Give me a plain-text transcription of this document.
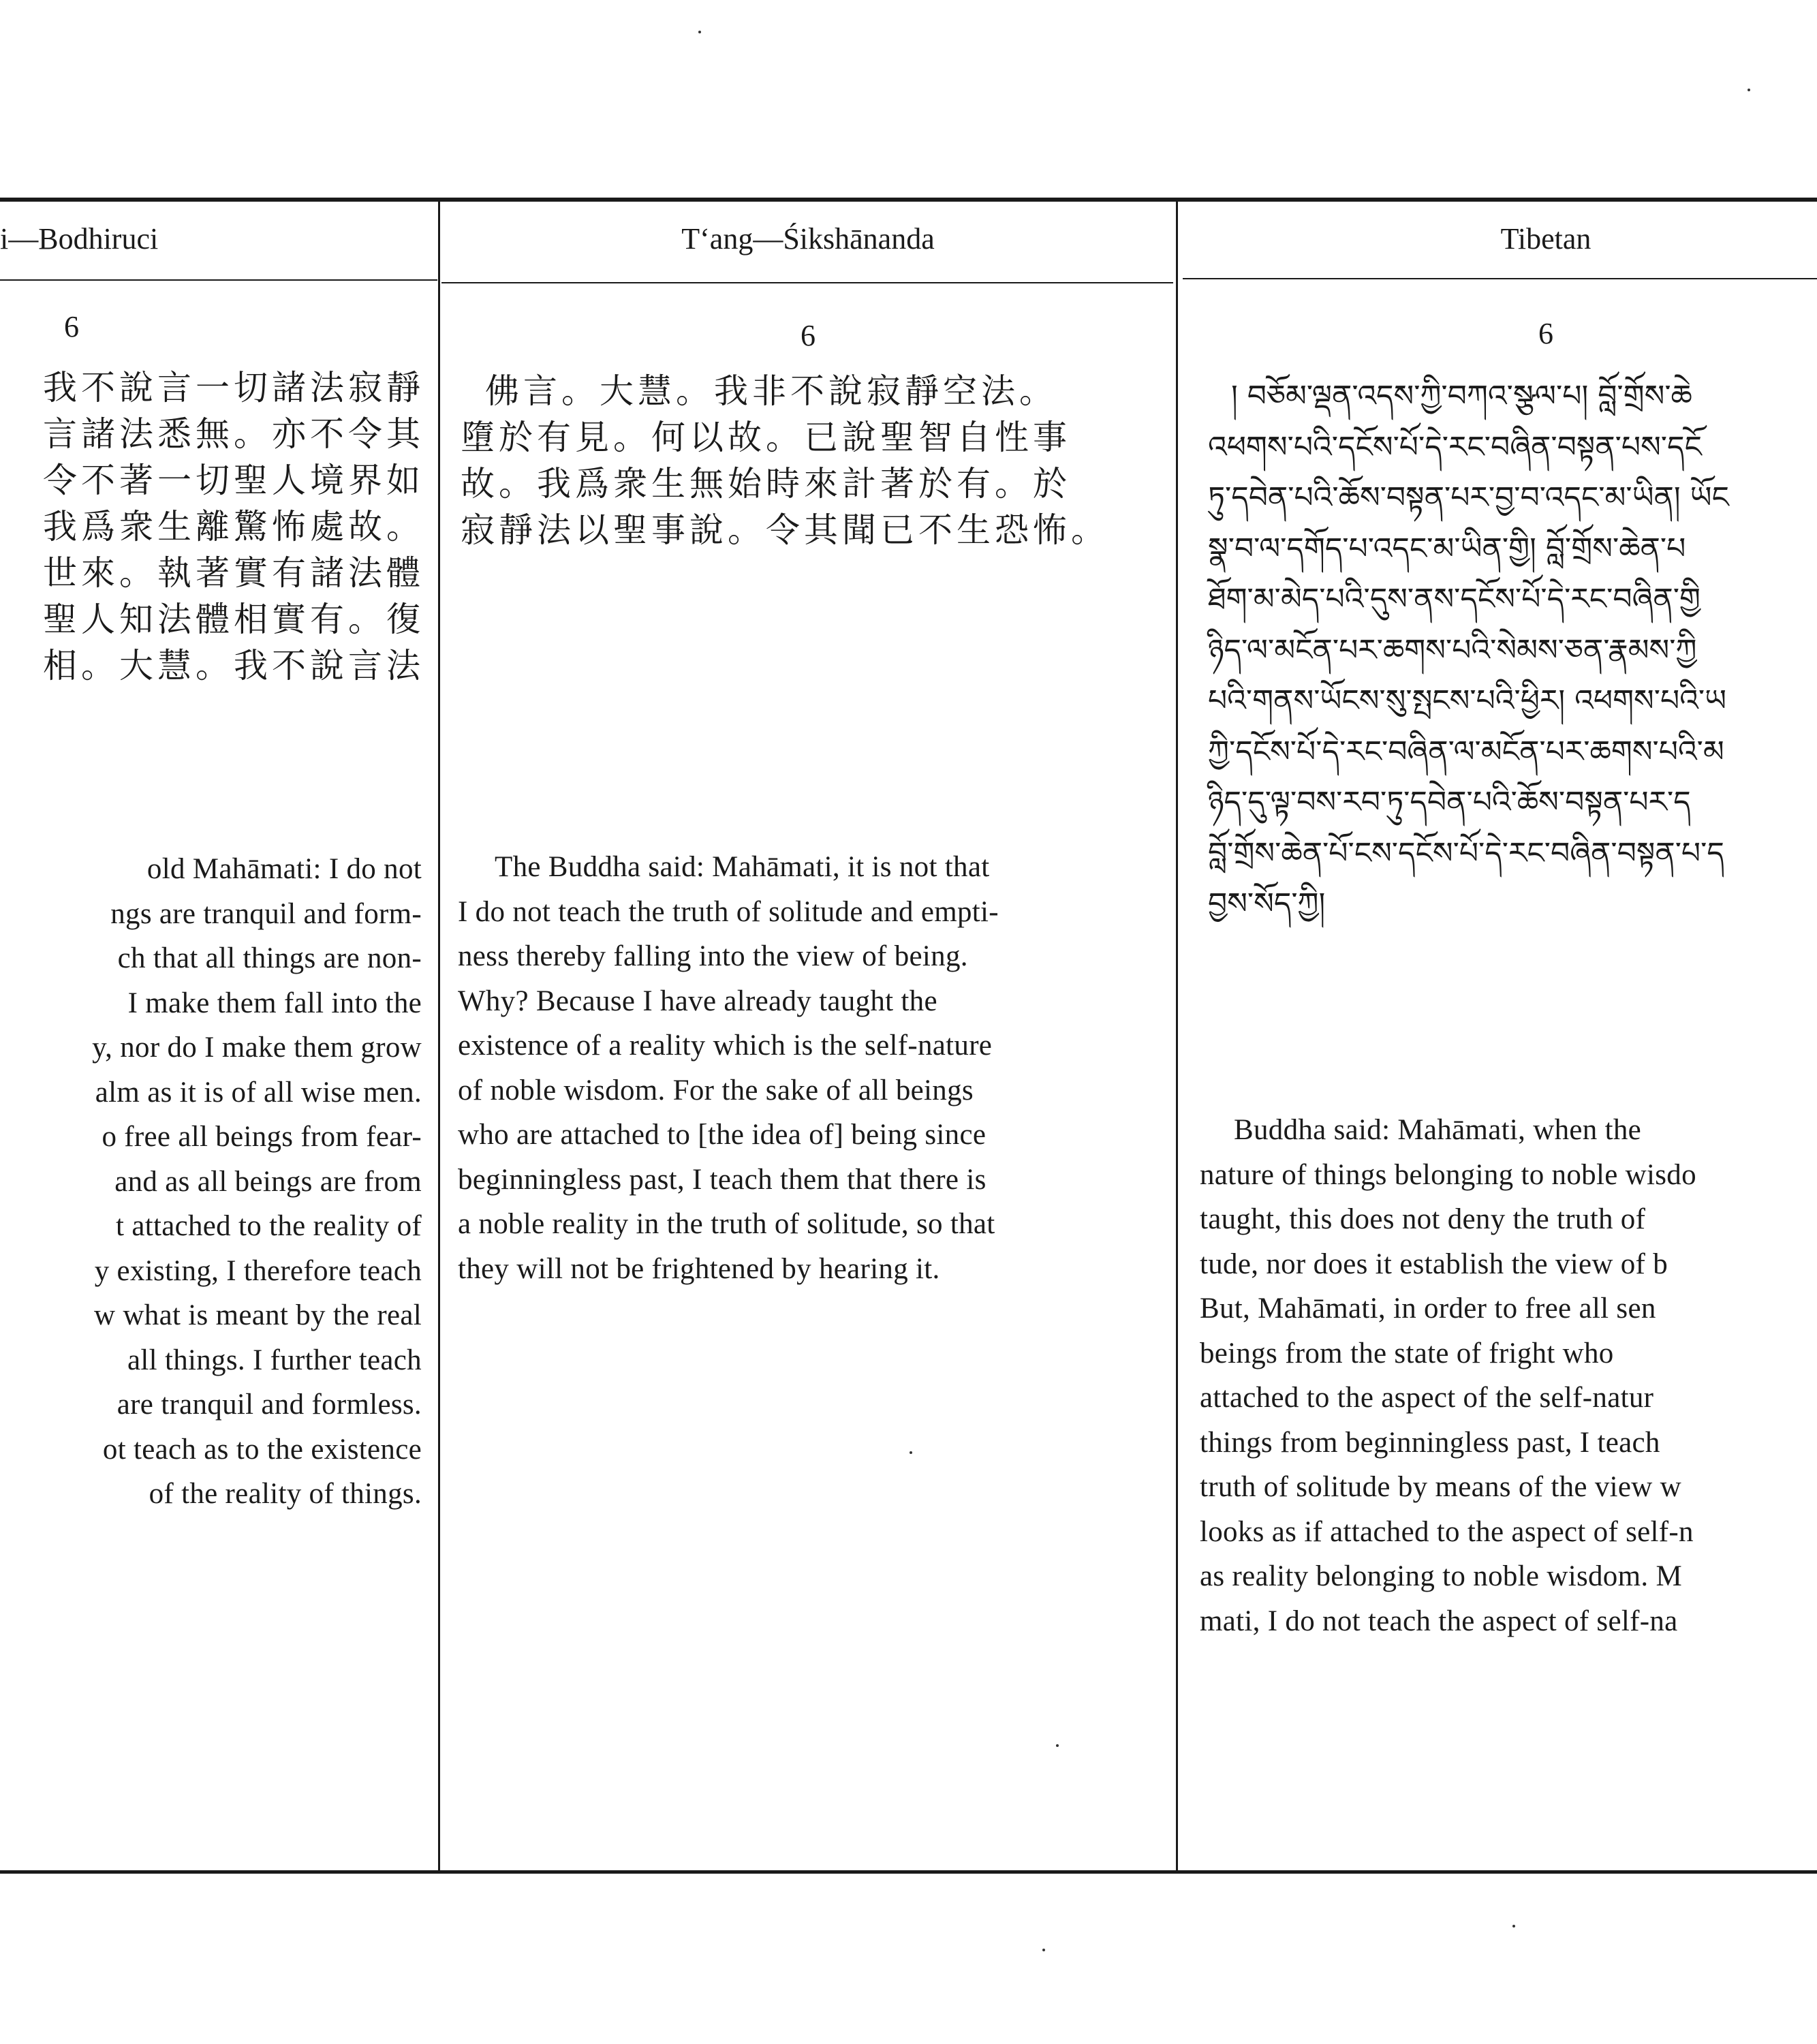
i—Bodhiruci
6
我不說言一切諸法寂靜
言諸法悉無。亦不令其
令不著一切聖人境界如
我爲衆生離驚怖處故。
世來。執著實有諸法體
聖人知法體相實有。復
相。大慧。我不說言法
old Mahāmati: I do not
ngs are tranquil and form-
ch that all things are non-
I make them fall into the
y, nor do I make them grow
alm as it is of all wise men.
o free all beings from fear-
and as all beings are from
t attached to the reality of
y existing, I therefore teach
w what is meant by the real
all things. I further teach
are tranquil and formless.
ot teach as to the existence
of the reality of things.
T‘ang—Śikshānanda
6
佛言。大慧。我非不說寂靜空法。
墮於有見。何以故。已說聖智自性事
故。我爲衆生無始時來計著於有。於
寂靜法以聖事說。令其聞已不生恐怖。
The Buddha said: Mahāmati, it is not that
I do not teach the truth of solitude and empti-
ness thereby falling into the view of being.
Why? Because I have already taught the
existence of a reality which is the self-nature
of noble wisdom. For the sake of all beings
who are attached to [the idea of] being since
beginningless past, I teach them that there is
a noble reality in the truth of solitude, so that
they will not be frightened by hearing it.
Tibetan
6
། བཅོམ་ལྡན་འདས་ཀྱི་བཀའ་སྩལ་པ། བློ་གྲོས་ཆེ
འཕགས་པའི་དངོས་པོ་དེ་རང་བཞིན་བསྟན་པས་དངོ
ཏུ་དབེན་པའི་ཆོས་བསྟན་པར་བྱ་བ་འདང་མ་ཡིན། ཡོང
སྣ་བ་ལ་དགོད་པ་འདང་མ་ཡིན་གྱི། བློ་གྲོས་ཆེན་པ
ཐོག་མ་མེད་པའི་དུས་ནས་དངོས་པོ་དེ་རང་བཞིན་གྱི
ཉིད་ལ་མངོན་པར་ཆགས་པའི་སེམས་ཅན་རྣམས་ཀྱི
པའི་གནས་ཡོངས་སུ་སྤངས་པའི་ཕྱིར། འཕགས་པའི་ཡ
ཀྱི་དངོས་པོ་དེ་རང་བཞིན་ལ་མངོན་པར་ཆགས་པའི་མ
ཉིད་དུ་ལྟ་བས་རབ་ཏུ་དབེན་པའི་ཆོས་བསྟན་པར་ད
བློ་གྲོས་ཆེན་པོ་ངས་དངོས་པོ་དེ་རང་བཞིན་བསྟན་པ་ད
བྱས་སོད་ཀྱི།
Buddha said: Mahāmati, when the
nature of things belonging to noble wisdo
taught, this does not deny the truth of
tude, nor does it establish the view of b
But, Mahāmati, in order to free all sen
beings from the state of fright who
attached to the aspect of the self-natur
things from beginningless past, I teach
truth of solitude by means of the view w
looks as if attached to the aspect of self-n
as reality belonging to noble wisdom. M
mati, I do not teach the aspect of self-na
